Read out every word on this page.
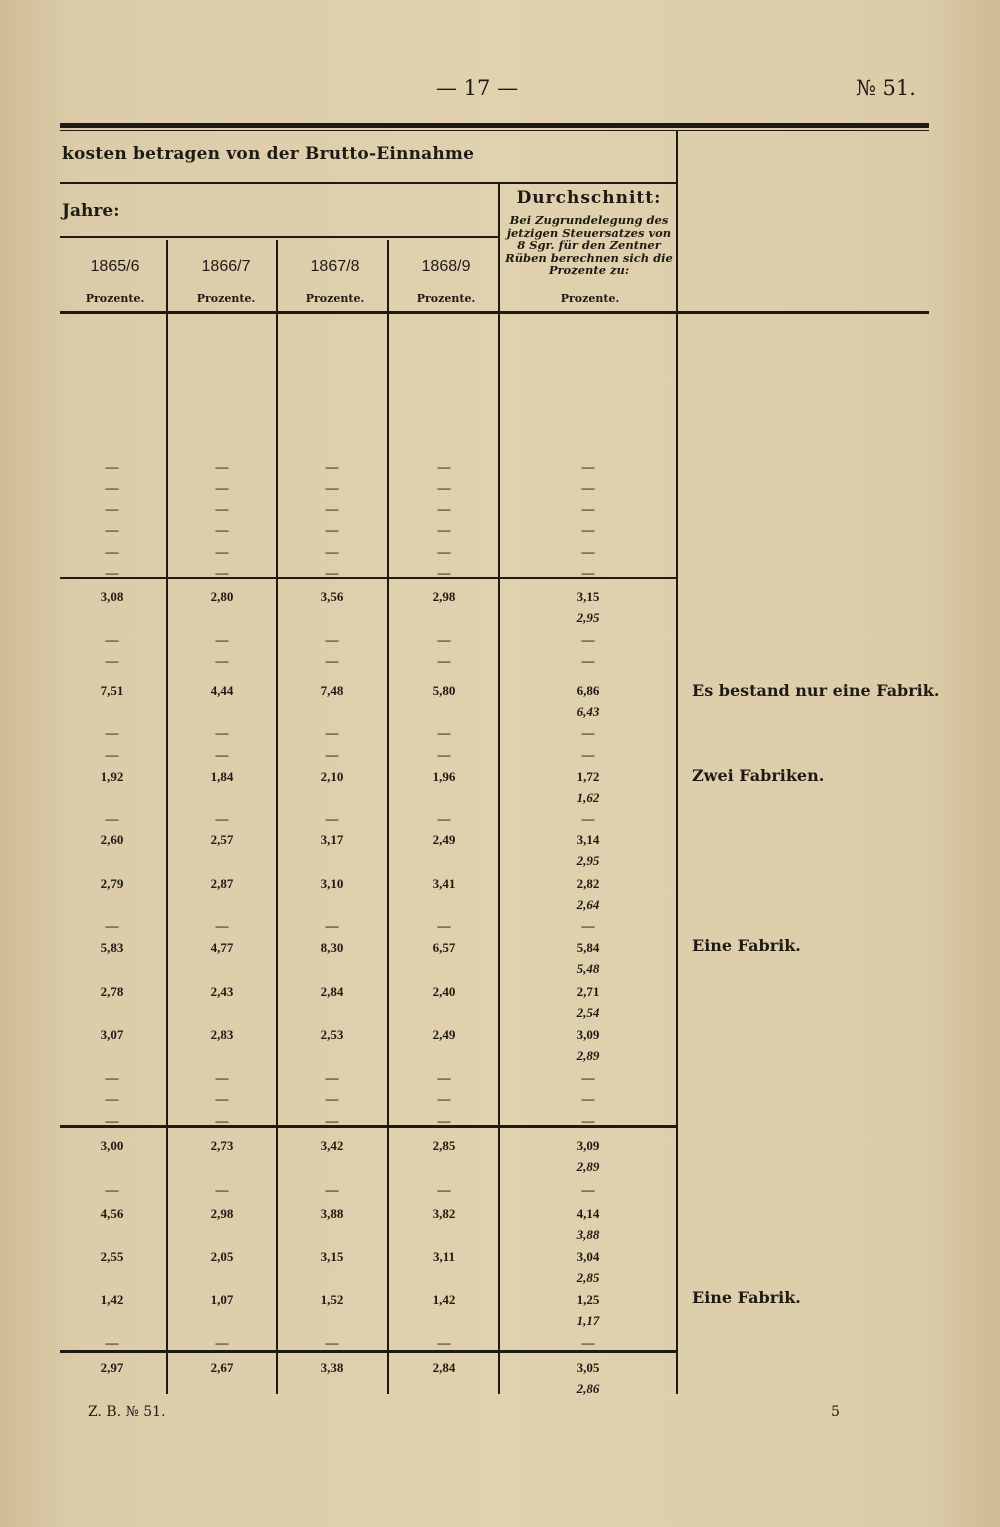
— 17 —	№ 51.
kosten betragen von der Brutto-Einnahme
Jahre:
1865/6	1866/7	1867/8	1868/9
Prozente.	Prozente.	Prozente.	Prozente.
Durchschnitt:
Bei Zugrundelegung des jetzigen Steuersatzes von 8 Sgr. für den Zentner Rüben berechnen sich die Prozente zu:
Prozente.
—	—	—	—	—
—	—	—	—	—
—	—	—	—	—
—	—	—	—	—
—	—	—	—	—
—	—	—	—	—
3,08	2,80	3,56	2,98	3,15
2,95
—	—	—	—	—
—	—	—	—	—
7,51	4,44	7,48	5,80	6,86
6,43
—	—	—	—	—
—	—	—	—	—
1,92	1,84	2,10	1,96	1,72
1,62
—	—	—	—	—
2,60	2,57	3,17	2,49	3,14
2,95
2,79	2,87	3,10	3,41	2,82
2,64
—	—	—	—	—
5,83	4,77	8,30	6,57	5,84
5,48
2,78	2,43	2,84	2,40	2,71
2,54
3,07	2,83	2,53	2,49	3,09
2,89
—	—	—	—	—
—	—	—	—	—
—	—	—	—	—
3,00	2,73	3,42	2,85	3,09
2,89
—	—	—	—	—
4,56	2,98	3,88	3,82	4,14
3,88
2,55	2,05	3,15	3,11	3,04
2,85
1,42	1,07	1,52	1,42	1,25
1,17
—	—	—	—	—
2,97	2,67	3,38	2,84	3,05
2,86
Es bestand nur eine Fabrik.
Zwei Fabriken.
Eine Fabrik.
Eine Fabrik.
Z. B. № 51.	5
